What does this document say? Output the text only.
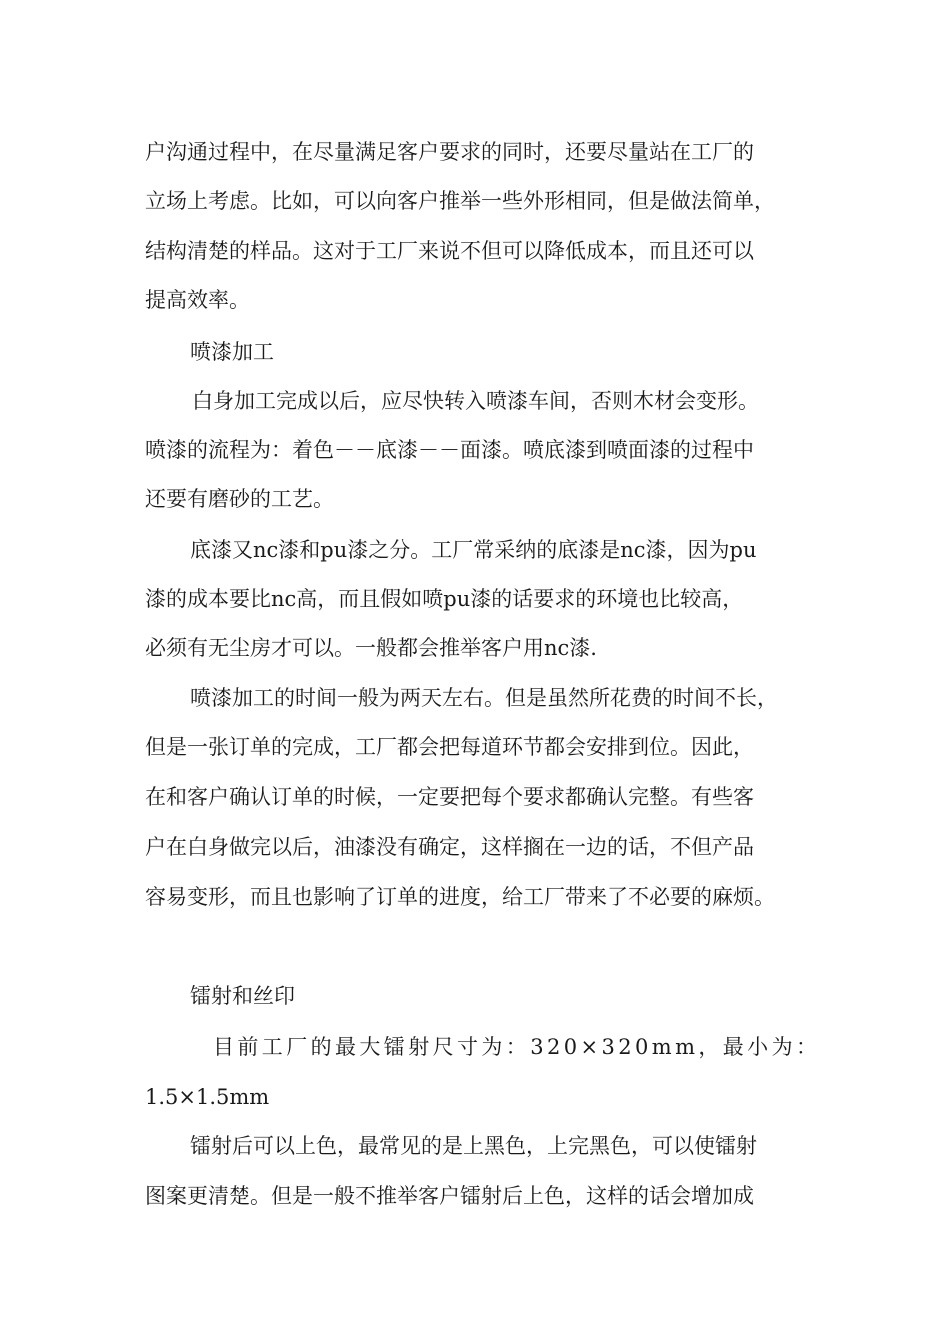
户沟通过程中，在尽量满足客户要求的同时，还要尽量站在工厂的
立场上考虑。比如，可以向客户推举一些外形相同，但是做法简单，
结构清楚的样品。这对于工厂来说不但可以降低成本，而且还可以
提高效率。
喷漆加工
白身加工完成以后，应尽快转入喷漆车间，否则木材会变形。
喷漆的流程为：着色－－底漆－－面漆。喷底漆到喷面漆的过程中
还要有磨砂的工艺。
底漆又nc漆和pu漆之分。工厂常采纳的底漆是nc漆，因为pu
漆的成本要比nc高，而且假如喷pu漆的话要求的环境也比较高，
必须有无尘房才可以。一般都会推举客户用nc漆.
喷漆加工的时间一般为两天左右。但是虽然所花费的时间不长，
但是一张订单的完成，工厂都会把每道环节都会安排到位。因此，
在和客户确认订单的时候，一定要把每个要求都确认完整。有些客
户在白身做完以后，油漆没有确定，这样搁在一边的话，不但产品
容易变形，而且也影响了订单的进度，给工厂带来了不必要的麻烦。
镭射和丝印
目前工厂的最大镭射尺寸为：320×320mm，最小为：
1.5×1.5mm
镭射后可以上色，最常见的是上黑色，上完黑色，可以使镭射
图案更清楚。但是一般不推举客户镭射后上色，这样的话会增加成
